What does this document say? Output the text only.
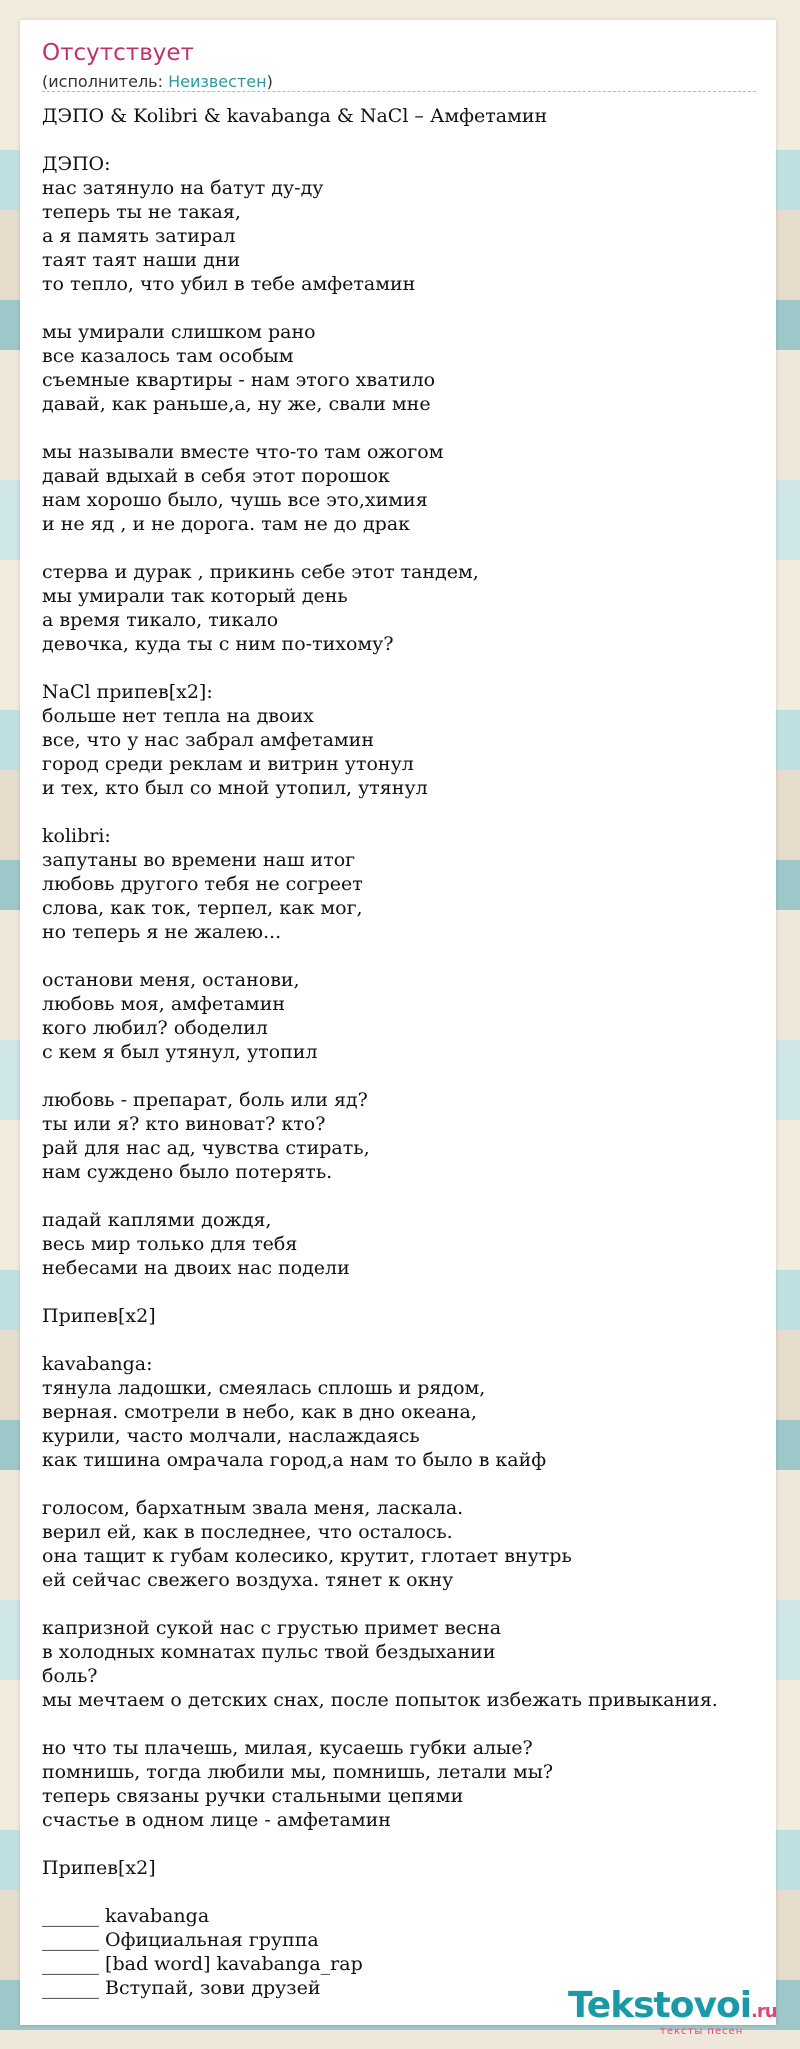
Отсутствует
(исполнитель: Неизвестен)
ДЭПО & Kolibri & kavabanga & NaCl – Амфетамин
ДЭПО:
нас затянуло на батут ду-ду
теперь ты не такая,
а я память затирал
таят таят наши дни
то тепло, что убил в тебе амфетамин
мы умирали слишком рано
все казалось там особым
съемные квартиры - нам этого хватило
давай, как раньше,а, ну же, свали мне
мы называли вместе что-то там ожогом
давай вдыхай в себя этот порошок
нам хорошо было, чушь все это,химия
и не яд , и не дорога. там не до драк
стерва и дурак , прикинь себе этот тандем,
мы умирали так который день
а время тикало, тикало
девочка, куда ты с ним по-тихому?
NaCl припев[x2]:
больше нет тепла на двоих
все, что у нас забрал амфетамин
город среди реклам и витрин утонул
и тех, кто был со мной утопил, утянул
kolibri:
запутаны во времени наш итог
любовь другого тебя не согреет
слова, как ток, терпел, как мог,
но теперь я не жалею...
останови меня, останови,
любовь моя, амфетамин
кого любил? ободелил
с кем я был утянул, утопил
любовь - препарат, боль или яд?
ты или я? кто виноват? кто?
рай для нас ад, чувства стирать,
нам суждено было потерять.
падай каплями дождя,
весь мир только для тебя
небесами на двоих нас подели
Припев[x2]
kavabanga:
тянула ладошки, смеялась сплошь и рядом,
верная. смотрели в небо, как в дно океана,
курили, часто молчали, наслаждаясь
как тишина омрачала город,а нам то было в кайф
голосом, бархатным звала меня, ласкала.
верил ей, как в последнее, что осталось.
она тащит к губам колесико, крутит, глотает внутрь
ей сейчас свежего воздуха. тянет к окну
капризной сукой нас с грустью примет весна
в холодных комнатах пульс твой бездыхании
боль?
мы мечтаем о детских снах, после попыток избежать привыкания.
но что ты плачешь, милая, кусаешь губки алые?
помнишь, тогда любили мы, помнишь, летали мы?
теперь связаны ручки стальными цепями
счастье в одном лице - амфетамин
Припев[x2]
______ kavabanga
______ Официальная группа
______ [bad word] kavabanga_rap
______ Вступай, зови друзей	Tekstovoi.ru
тексты песен
